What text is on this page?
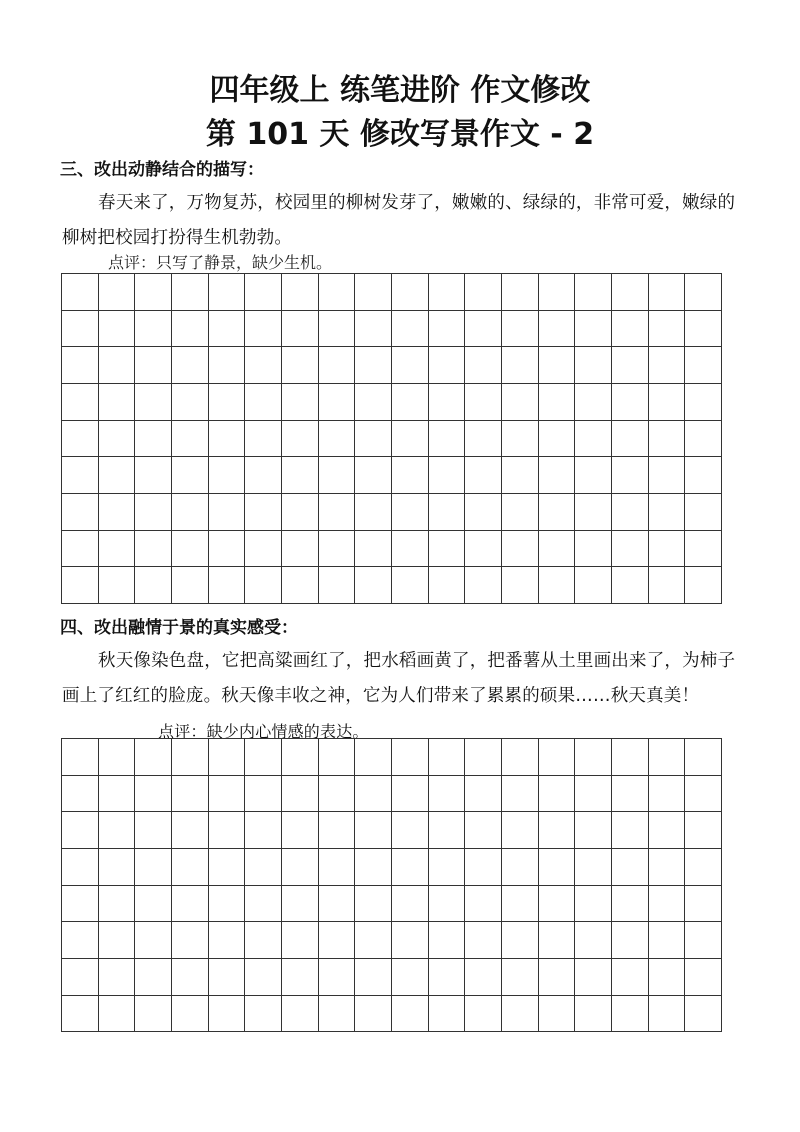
四年级上 练笔进阶 作文修改
第 101 天 修改写景作文 - 2
三、改出动静结合的描写：
春天来了，万物复苏，校园里的柳树发芽了，嫩嫩的、绿绿的，非常可爱，嫩绿的柳树把校园打扮得生机勃勃。
点评：只写了静景，缺少生机。
四、改出融情于景的真实感受：
秋天像染色盘，它把高粱画红了，把水稻画黄了，把番薯从土里画出来了，为柿子画上了红红的脸庞。秋天像丰收之神，它为人们带来了累累的硕果……秋天真美！点评：缺少内心情感的表达。
